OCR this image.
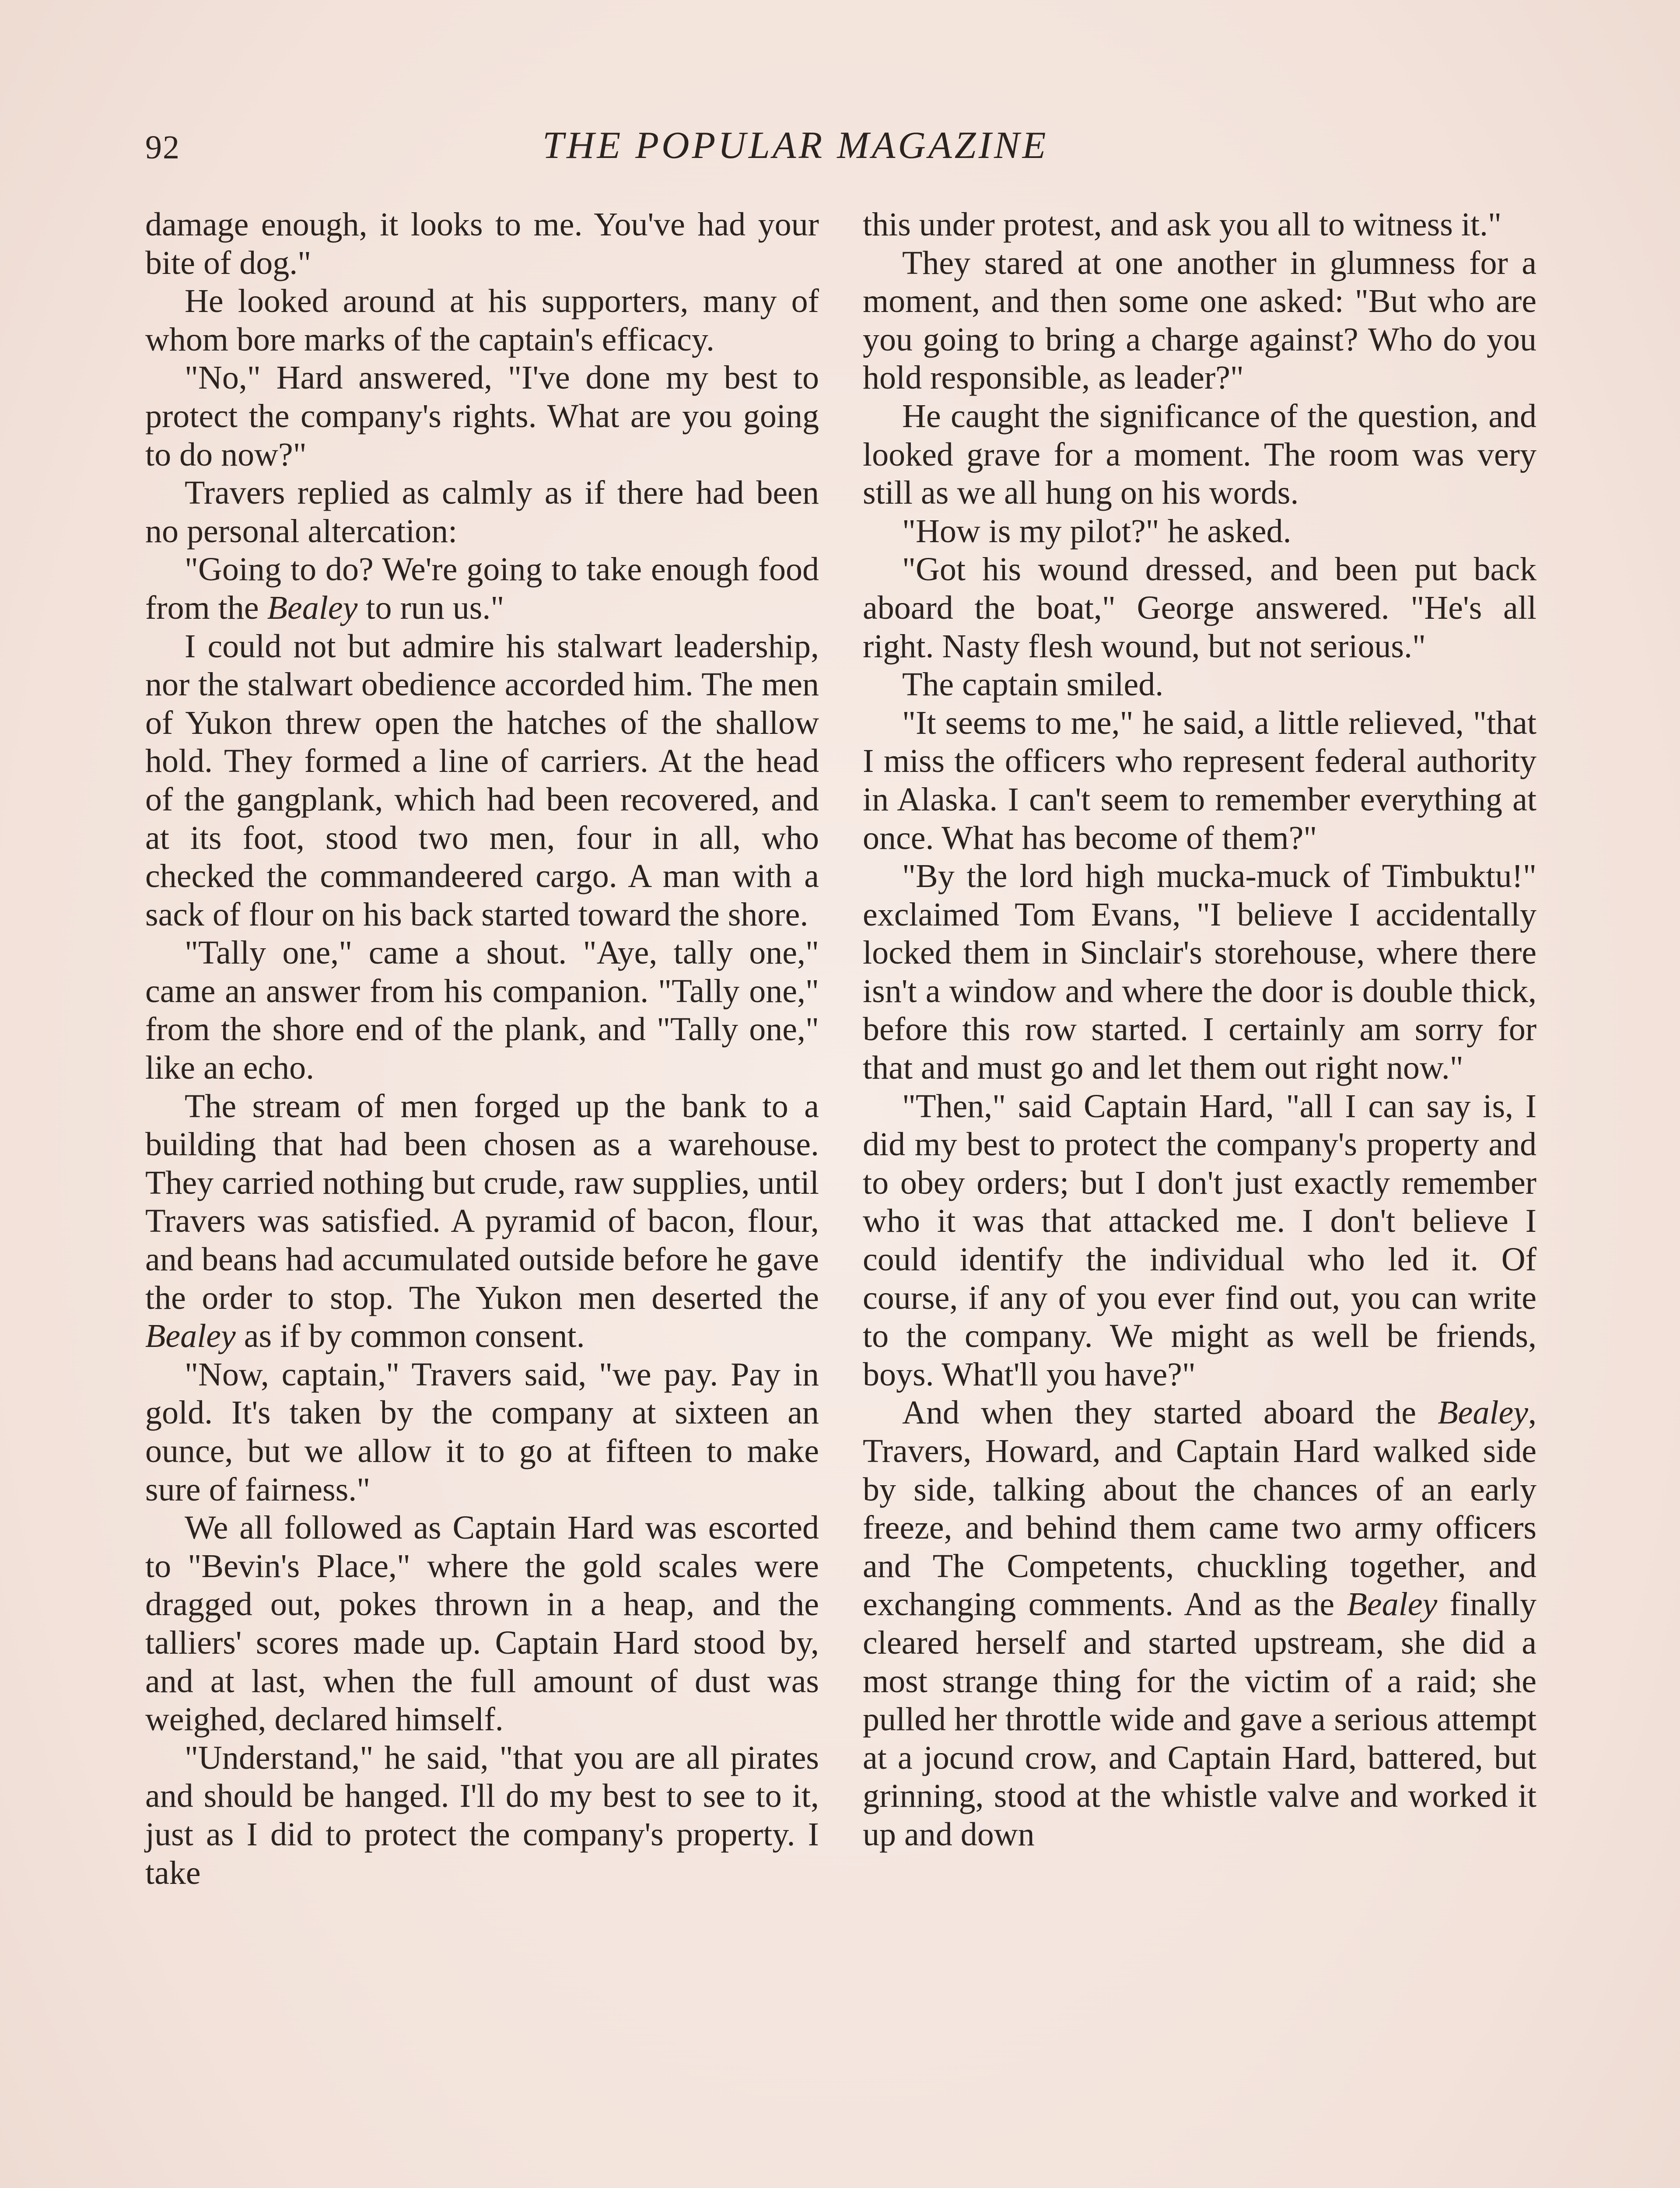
92	THE POPULAR MAGAZINE

damage enough, it looks to me. You've had your bite of dog."

He looked around at his supporters, many of whom bore marks of the captain's efficacy.

"No," Hard answered, "I've done my best to protect the company's rights. What are you going to do now?"

Travers replied as calmly as if there had been no personal altercation:

"Going to do? We're going to take enough food from the Bealey to run us."

I could not but admire his stalwart leadership, nor the stalwart obedience accorded him. The men of Yukon threw open the hatches of the shallow hold. They formed a line of carriers. At the head of the gangplank, which had been recovered, and at its foot, stood two men, four in all, who checked the commandeered cargo. A man with a sack of flour on his back started toward the shore.

"Tally one," came a shout. "Aye, tally one," came an answer from his companion. "Tally one," from the shore end of the plank, and "Tally one," like an echo.

The stream of men forged up the bank to a building that had been chosen as a warehouse. They carried nothing but crude, raw supplies, until Travers was satisfied. A pyramid of bacon, flour, and beans had accumulated outside before he gave the order to stop. The Yukon men deserted the Bealey as if by common consent.

"Now, captain," Travers said, "we pay. Pay in gold. It's taken by the company at sixteen an ounce, but we allow it to go at fifteen to make sure of fairness."

We all followed as Captain Hard was escorted to "Bevin's Place," where the gold scales were dragged out, pokes thrown in a heap, and the talliers' scores made up. Captain Hard stood by, and at last, when the full amount of dust was weighed, declared himself.

"Understand," he said, "that you are all pirates and should be hanged. I'll do my best to see to it, just as I did to protect the company's property. I take

this under protest, and ask you all to witness it."

They stared at one another in glumness for a moment, and then some one asked: "But who are you going to bring a charge against? Who do you hold responsible, as leader?"

He caught the significance of the question, and looked grave for a moment. The room was very still as we all hung on his words.

"How is my pilot?" he asked.

"Got his wound dressed, and been put back aboard the boat," George answered. "He's all right. Nasty flesh wound, but not serious."

The captain smiled.

"It seems to me," he said, a little relieved, "that I miss the officers who represent federal authority in Alaska. I can't seem to remember everything at once. What has become of them?"

"By the lord high mucka-muck of Timbuktu!" exclaimed Tom Evans, "I believe I accidentally locked them in Sinclair's storehouse, where there isn't a window and where the door is double thick, before this row started. I certainly am sorry for that and must go and let them out right now."

"Then," said Captain Hard, "all I can say is, I did my best to protect the company's property and to obey orders; but I don't just exactly remember who it was that attacked me. I don't believe I could identify the individual who led it. Of course, if any of you ever find out, you can write to the company. We might as well be friends, boys. What'll you have?"

And when they started aboard the Bealey, Travers, Howard, and Captain Hard walked side by side, talking about the chances of an early freeze, and behind them came two army officers and The Competents, chuckling together, and exchanging comments. And as the Bealey finally cleared herself and started upstream, she did a most strange thing for the victim of a raid; she pulled her throttle wide and gave a serious attempt at a jocund crow, and Captain Hard, battered, but grinning, stood at the whistle valve and worked it up and down
